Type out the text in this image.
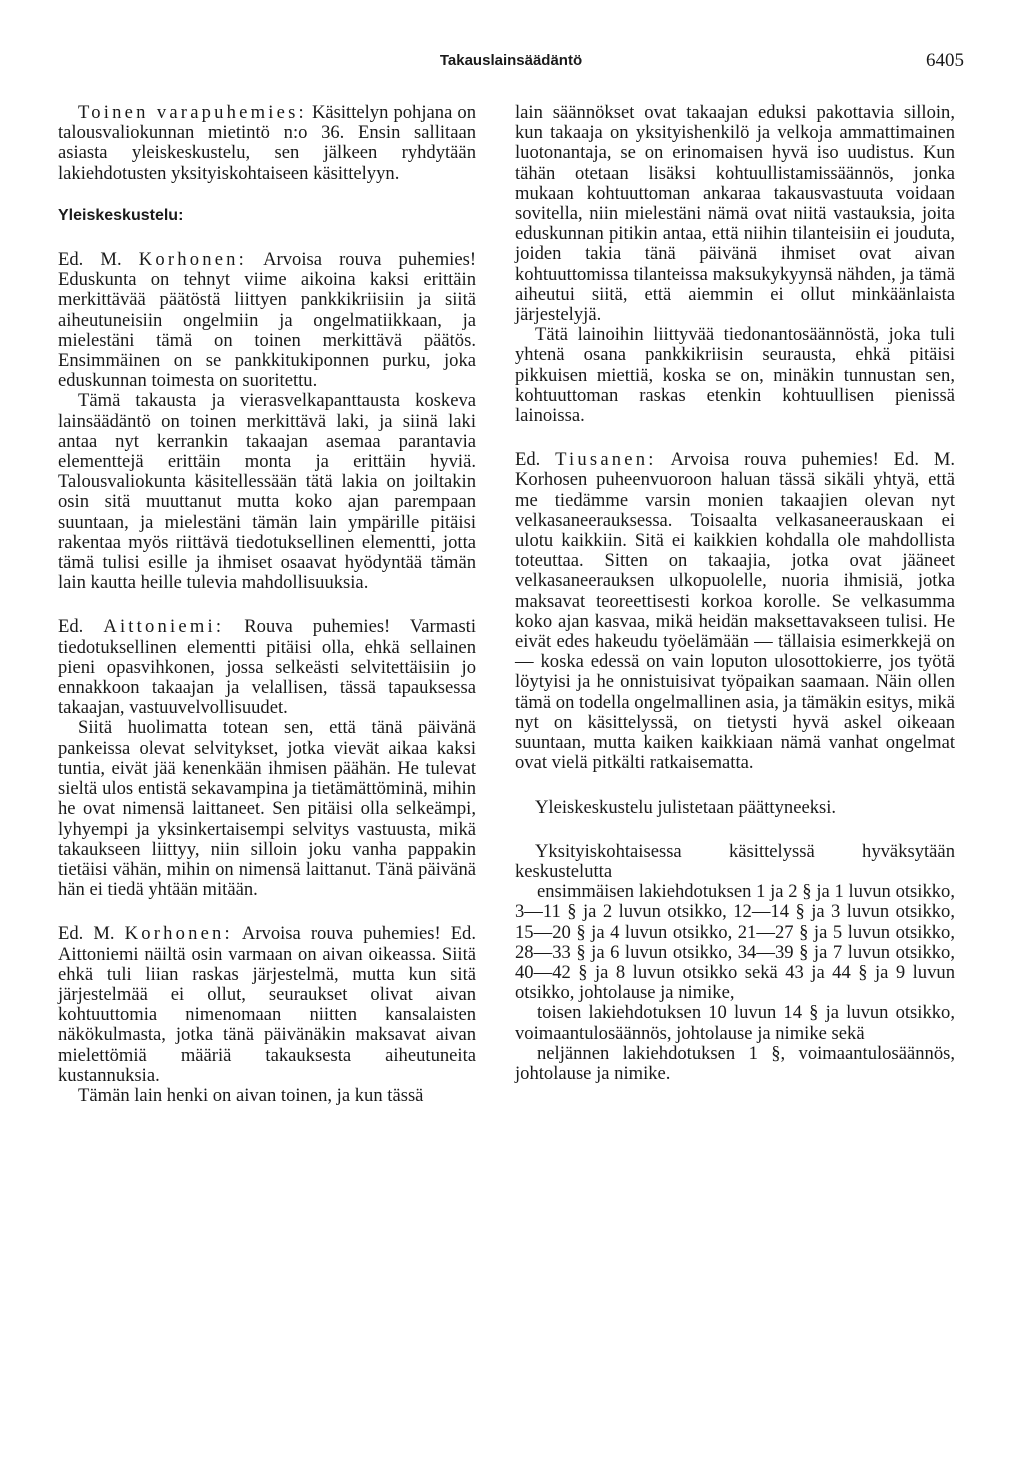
Takauslainsäädäntö	6405

Toinen varapuhemies: Käsittelyn pohjana on talousvaliokunnan mietintö n:o 36. Ensin sallitaan asiasta yleiskeskustelu, sen jälkeen ryhdytään lakiehdotusten yksityiskohtaiseen käsittelyyn.

Yleiskeskustelu:

Ed. M. Korhonen: Arvoisa rouva puhemies! Eduskunta on tehnyt viime aikoina kaksi erittäin merkittävää päätöstä liittyen pankkikriisiin ja siitä aiheutuneisiin ongelmiin ja ongelmatiikkaan, ja mielestäni tämä on toinen merkittävä päätös. Ensimmäinen on se pankkitukiponnen purku, joka eduskunnan toimesta on suoritettu.

Tämä takausta ja vierasvelkapanttausta koskeva lainsäädäntö on toinen merkittävä laki, ja siinä laki antaa nyt kerrankin takaajan asemaa parantavia elementtejä erittäin monta ja erittäin hyviä. Talousvaliokunta käsitellessään tätä lakia on joiltakin osin sitä muuttanut mutta koko ajan parempaan suuntaan, ja mielestäni tämän lain ympärille pitäisi rakentaa myös riittävä tiedotuksellinen elementti, jotta tämä tulisi esille ja ihmiset osaavat hyödyntää tämän lain kautta heille tulevia mahdollisuuksia.

Ed. Aittoniemi: Rouva puhemies! Varmasti tiedotuksellinen elementti pitäisi olla, ehkä sellainen pieni opasvihkonen, jossa selkeästi selvitettäisiin jo ennakkoon takaajan ja velallisen, tässä tapauksessa takaajan, vastuuvelvollisuudet.

Siitä huolimatta totean sen, että tänä päivänä pankeissa olevat selvitykset, jotka vievät aikaa kaksi tuntia, eivät jää kenenkään ihmisen päähän. He tulevat sieltä ulos entistä sekavampina ja tietämättöminä, mihin he ovat nimensä laittaneet. Sen pitäisi olla selkeämpi, lyhyempi ja yksinkertaisempi selvitys vastuusta, mikä takaukseen liittyy, niin silloin joku vanha pappakin tietäisi vähän, mihin on nimensä laittanut. Tänä päivänä hän ei tiedä yhtään mitään.

Ed. M. Korhonen: Arvoisa rouva puhemies! Ed. Aittoniemi näiltä osin varmaan on aivan oikeassa. Siitä ehkä tuli liian raskas järjestelmä, mutta kun sitä järjestelmää ei ollut, seuraukset olivat aivan kohtuuttomia nimenomaan niitten kansalaisten näkökulmasta, jotka tänä päivänäkin maksavat aivan mielettömiä määriä takauksesta aiheutuneita kustannuksia.

Tämän lain henki on aivan toinen, ja kun tässä

lain säännökset ovat takaajan eduksi pakottavia silloin, kun takaaja on yksityishenkilö ja velkoja ammattimainen luotonantaja, se on erinomaisen hyvä iso uudistus. Kun tähän otetaan lisäksi kohtuullistamissäännös, jonka mukaan kohtuuttoman ankaraa takausvastuuta voidaan sovitella, niin mielestäni nämä ovat niitä vastauksia, joita eduskunnan pitikin antaa, että niihin tilanteisiin ei jouduta, joiden takia tänä päivänä ihmiset ovat aivan kohtuuttomissa tilanteissa maksukykyynsä nähden, ja tämä aiheutui siitä, että aiemmin ei ollut minkäänlaista järjestelyjä.

Tätä lainoihin liittyvää tiedonantosäännöstä, joka tuli yhtenä osana pankkikriisin seurausta, ehkä pitäisi pikkuisen miettiä, koska se on, minäkin tunnustan sen, kohtuuttoman raskas etenkin kohtuullisen pienissä lainoissa.

Ed. Tiusanen: Arvoisa rouva puhemies! Ed. M. Korhosen puheenvuoroon haluan tässä sikäli yhtyä, että me tiedämme varsin monien takaajien olevan nyt velkasaneerauksessa. Toisaalta velkasaneerauskaan ei ulotu kaikkiin. Sitä ei kaikkien kohdalla ole mahdollista toteuttaa. Sitten on takaajia, jotka ovat jääneet velkasaneerauksen ulkopuolelle, nuoria ihmisiä, jotka maksavat teoreettisesti korkoa korolle. Se velkasumma koko ajan kasvaa, mikä heidän maksettavakseen tulisi. He eivät edes hakeudu työelämään — tällaisia esimerkkejä on — koska edessä on vain loputon ulosottokierre, jos työtä löytyisi ja he onnistuisivat työpaikan saamaan. Näin ollen tämä on todella ongelmallinen asia, ja tämäkin esitys, mikä nyt on käsittelyssä, on tietysti hyvä askel oikeaan suuntaan, mutta kaiken kaikkiaan nämä vanhat ongelmat ovat vielä pitkälti ratkaisematta.

Yleiskeskustelu julistetaan päättyneeksi.

Yksityiskohtaisessa käsittelyssä hyväksytään keskustelutta

ensimmäisen lakiehdotuksen 1 ja 2 § ja 1 luvun otsikko, 3—11 § ja 2 luvun otsikko, 12—14 § ja 3 luvun otsikko, 15—20 § ja 4 luvun otsikko, 21—27 § ja 5 luvun otsikko, 28—33 § ja 6 luvun otsikko, 34—39 § ja 7 luvun otsikko, 40—42 § ja 8 luvun otsikko sekä 43 ja 44 § ja 9 luvun otsikko, johtolause ja nimike,

toisen lakiehdotuksen 10 luvun 14 § ja luvun otsikko, voimaantulosäännös, johtolause ja nimike sekä

neljännen lakiehdotuksen 1 §, voimaantulosäännös, johtolause ja nimike.
